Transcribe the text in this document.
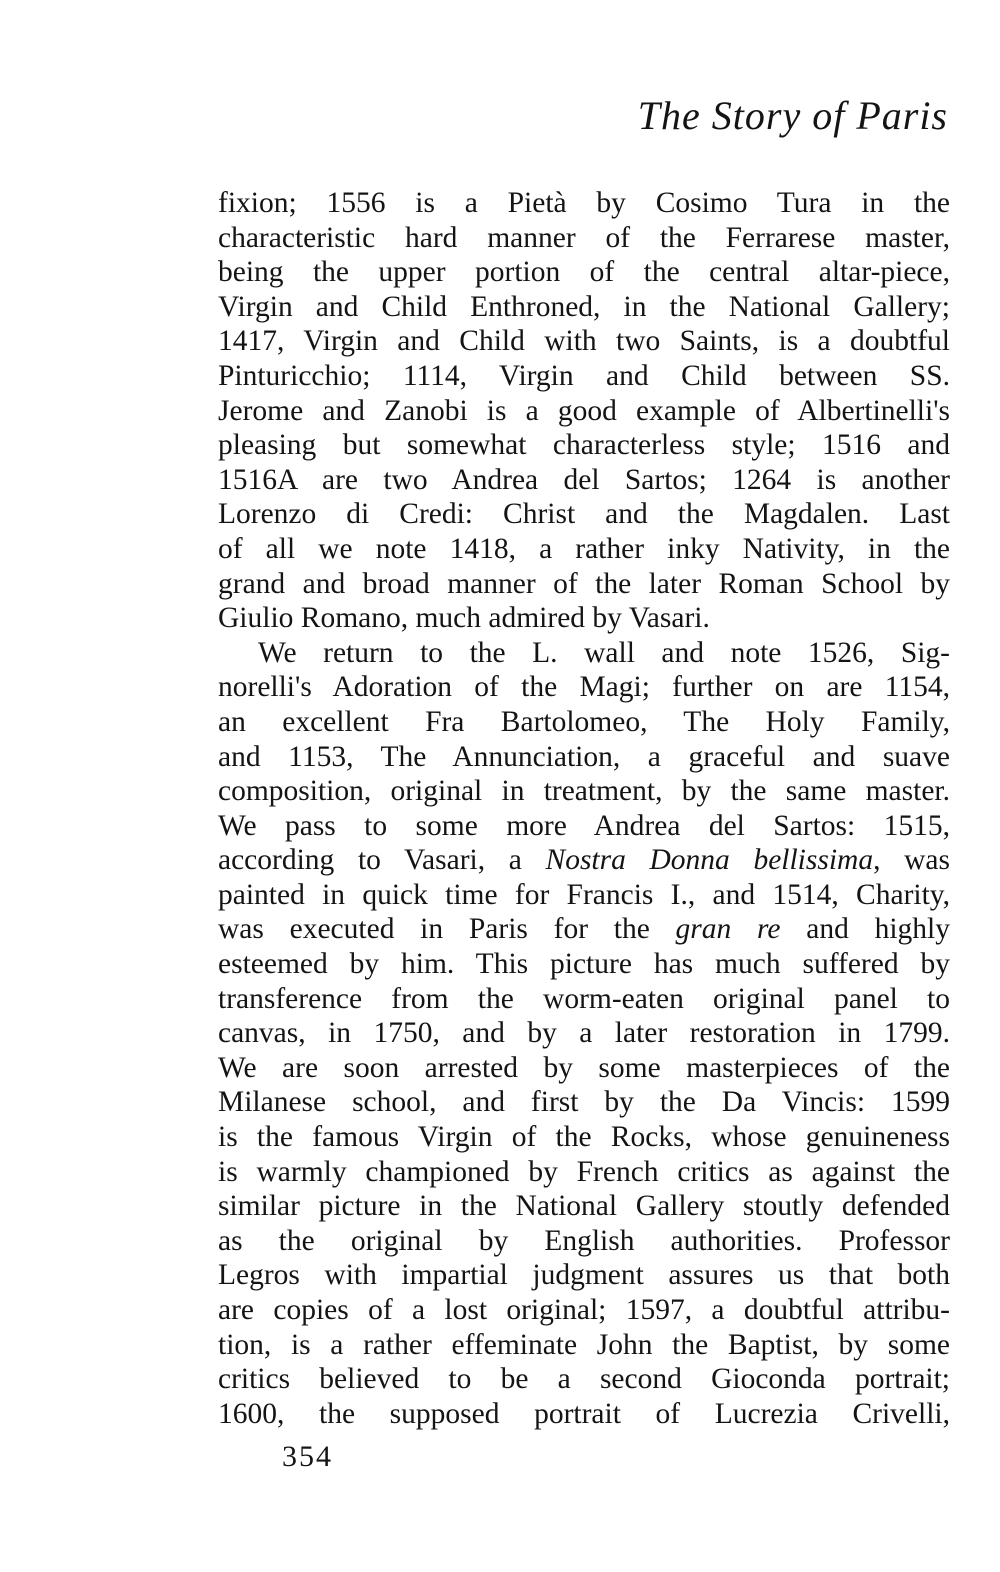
The Story of Paris
fixion; 1556 is a Pietà by Cosimo Tura in the
characteristic hard manner of the Ferrarese master,
being the upper portion of the central altar-piece,
Virgin and Child Enthroned, in the National Gallery;
1417, Virgin and Child with two Saints, is a doubtful
Pinturicchio; 1114, Virgin and Child between SS.
Jerome and Zanobi is a good example of Albertinelli's
pleasing but somewhat characterless style; 1516 and
1516A are two Andrea del Sartos; 1264 is another
Lorenzo di Credi: Christ and the Magdalen. Last
of all we note 1418, a rather inky Nativity, in the
grand and broad manner of the later Roman School by
Giulio Romano, much admired by Vasari.
We return to the L. wall and note 1526, Sig-
norelli's Adoration of the Magi; further on are 1154,
an excellent Fra Bartolomeo, The Holy Family,
and 1153, The Annunciation, a graceful and suave
composition, original in treatment, by the same master.
We pass to some more Andrea del Sartos: 1515,
according to Vasari, a Nostra Donna bellissima, was
painted in quick time for Francis I., and 1514, Charity,
was executed in Paris for the gran re and highly
esteemed by him. This picture has much suffered by
transference from the worm-eaten original panel to
canvas, in 1750, and by a later restoration in 1799.
We are soon arrested by some masterpieces of the
Milanese school, and first by the Da Vincis: 1599
is the famous Virgin of the Rocks, whose genuineness
is warmly championed by French critics as against the
similar picture in the National Gallery stoutly defended
as the original by English authorities. Professor
Legros with impartial judgment assures us that both
are copies of a lost original; 1597, a doubtful attribu-
tion, is a rather effeminate John the Baptist, by some
critics believed to be a second Gioconda portrait;
1600, the supposed portrait of Lucrezia Crivelli,

354
